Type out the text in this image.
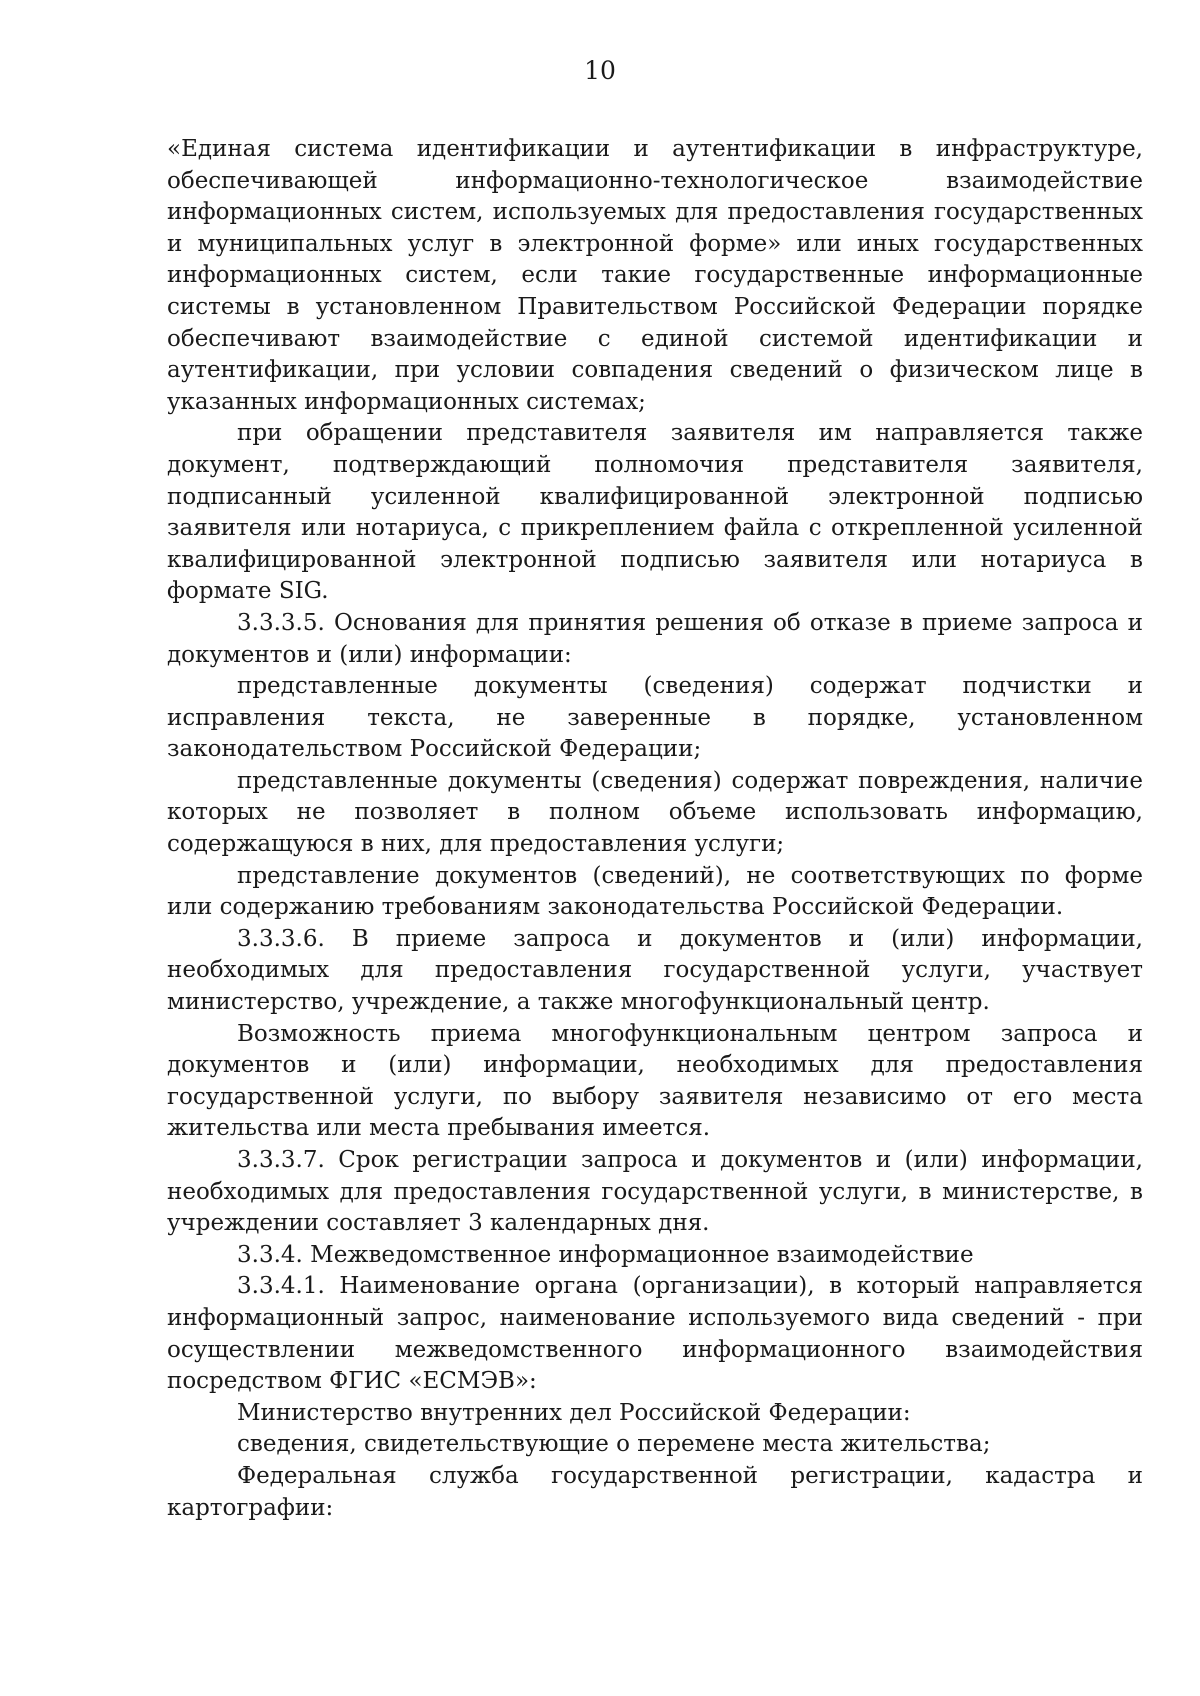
10

«Единая система идентификации и аутентификации в инфраструктуре, обеспечивающей информационно-технологическое взаимодействие информационных систем, используемых для предоставления государственных и муниципальных услуг в электронной форме» или иных государственных информационных систем, если такие государственные информационные системы в установленном Правительством Российской Федерации порядке обеспечивают взаимодействие с единой системой идентификации и аутентификации, при условии совпадения сведений о физическом лице в указанных информационных системах;

при обращении представителя заявителя им направляется также документ, подтверждающий полномочия представителя заявителя, подписанный усиленной квалифицированной электронной подписью заявителя или нотариуса, с прикреплением файла с открепленной усиленной квалифицированной электронной подписью заявителя или нотариуса в формате SIG.

3.3.3.5. Основания для принятия решения об отказе в приеме запроса и документов и (или) информации:

представленные документы (сведения) содержат подчистки и исправления текста, не заверенные в порядке, установленном законодательством Российской Федерации;

представленные документы (сведения) содержат повреждения, наличие которых не позволяет в полном объеме использовать информацию, содержащуюся в них, для предоставления услуги;

представление документов (сведений), не соответствующих по форме или содержанию требованиям законодательства Российской Федерации.

3.3.3.6. В приеме запроса и документов и (или) информации, необходимых для предоставления государственной услуги, участвует министерство, учреждение, а также многофункциональный центр.

Возможность приема многофункциональным центром запроса и документов и (или) информации, необходимых для предоставления государственной услуги, по выбору заявителя независимо от его места жительства или места пребывания имеется.

3.3.3.7. Срок регистрации запроса и документов и (или) информации, необходимых для предоставления государственной услуги, в министерстве, в учреждении составляет 3 календарных дня.

3.3.4. Межведомственное информационное взаимодействие

3.3.4.1. Наименование органа (организации), в который направляется информационный запрос, наименование используемого вида сведений - при осуществлении межведомственного информационного взаимодействия посредством ФГИС «ЕСМЭВ»:

Министерство внутренних дел Российской Федерации:

сведения, свидетельствующие о перемене места жительства;

Федеральная служба государственной регистрации, кадастра и картографии:
